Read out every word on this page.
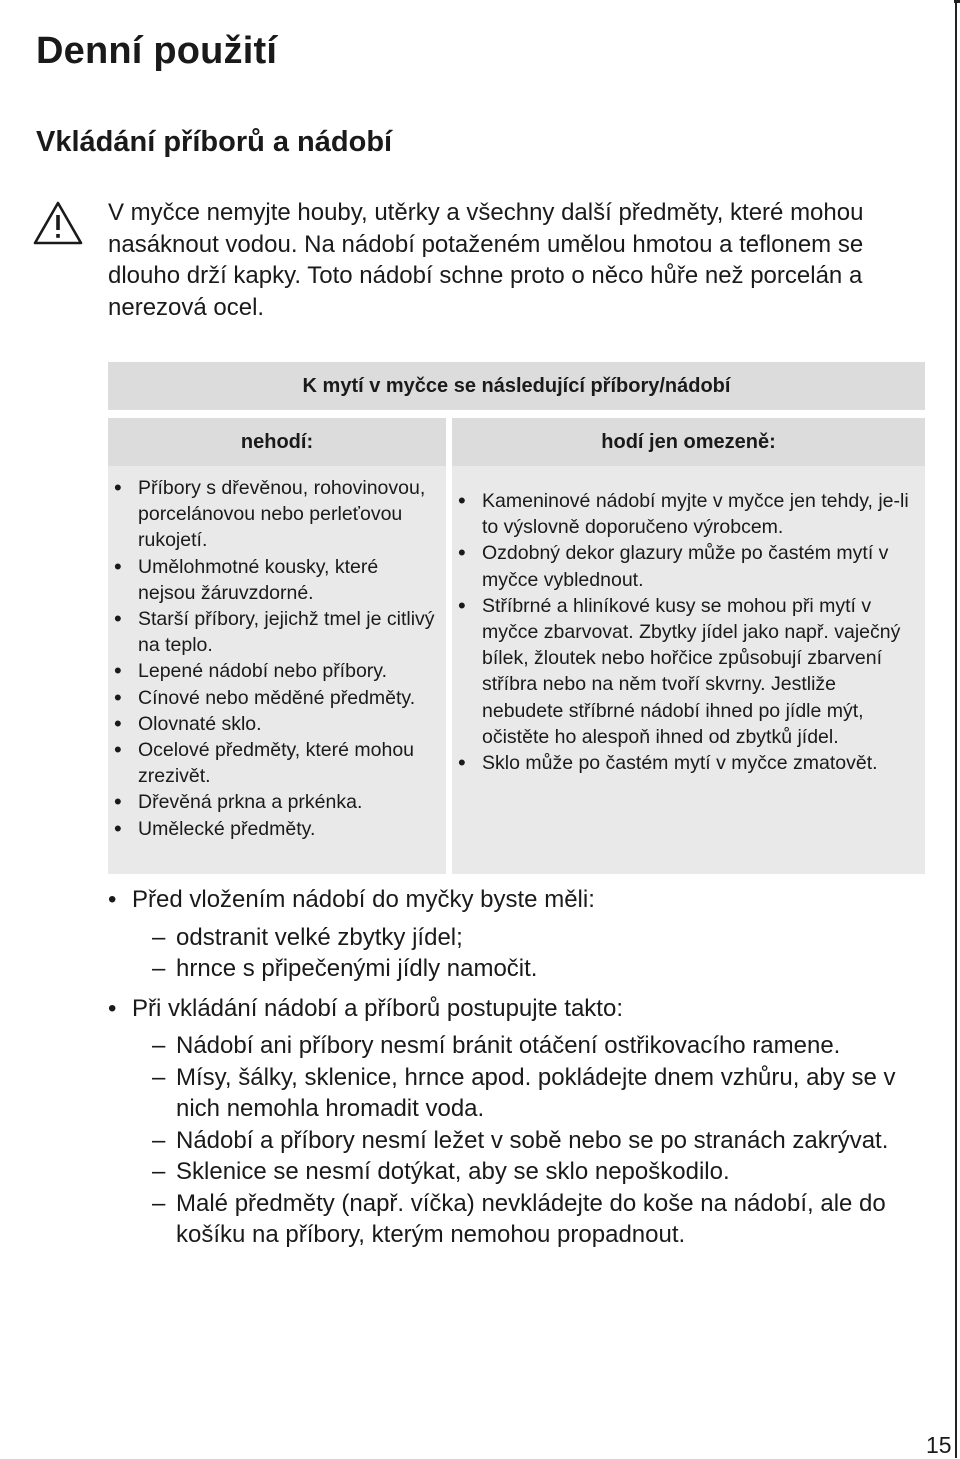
Denní použití
Vkládání příborů a nádobí

V myčce nemyjte houby, utěrky a všechny další předměty, které mohou nasáknout vodou. Na nádobí potaženém umělou hmotou a teflonem se dlouho drží kapky. Toto nádobí schne proto o něco hůře než porcelán a nerezová ocel.

K mytí v myčce se následující příbory/nádobí
nehodí:	hodí jen omezeně:
• Příbory s dřevěnou, rohovinovou, porcelánovou nebo perleťovou rukojetí.
• Umělohmotné kousky, které nejsou žáruvzdorné.
• Starší příbory, jejichž tmel je citlivý na teplo.
• Lepené nádobí nebo příbory.
• Cínové nebo měděné předměty.
• Olovnaté sklo.
• Ocelové předměty, které mohou zrezivět.
• Dřevěná prkna a prkénka.
• Umělecké předměty.
• Kameninové nádobí myjte v myčce jen tehdy, je-li to výslovně doporučeno výrobcem.
• Ozdobný dekor glazury může po častém mytí v myčce vyblednout.
• Stříbrné a hliníkové kusy se mohou při mytí v myčce zbarvovat. Zbytky jídel jako např. vaječný bílek, žloutek nebo hořčice způsobují zbarvení stříbra nebo na něm tvoří skvrny. Jestliže nebudete stříbrné nádobí ihned po jídle mýt, očistěte ho alespoň ihned od zbytků jídel.
• Sklo může po častém mytí v myčce zmatovět.
• Před vložením nádobí do myčky byste měli:
– odstranit velké zbytky jídel;
– hrnce s připečenými jídly namočit.
• Při vkládání nádobí a příborů postupujte takto:
– Nádobí ani příbory nesmí bránit otáčení ostřikovacího ramene.
– Mísy, šálky, sklenice, hrnce apod. pokládejte dnem vzhůru, aby se v nich nemohla hromadit voda.
– Nádobí a příbory nesmí ležet v sobě nebo se po stranách zakrývat.
– Sklenice se nesmí dotýkat, aby se sklo nepoškodilo.
– Malé předměty (např. víčka) nevkládejte do koše na nádobí, ale do košíku na příbory, kterým nemohou propadnout.
15
